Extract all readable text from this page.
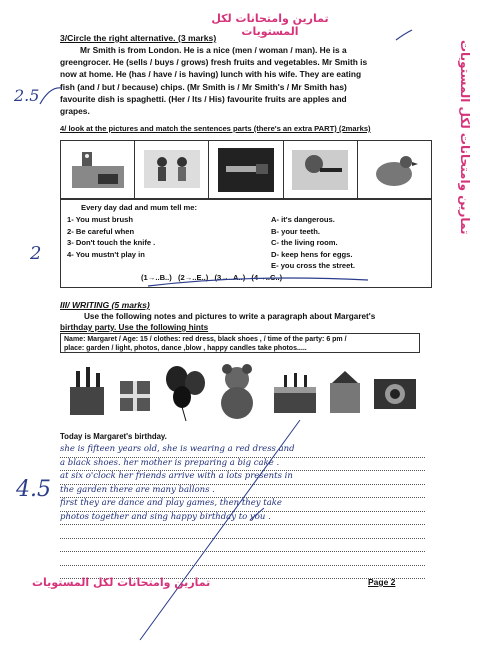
تمارين وامتحانات لكل المستويات
تمارين وامتحانات لكل المستويات
3/Circle the right alternative. (3 marks)

Mr Smith is from London. He is a nice (men / woman / man). He is a

greengrocer. He (sells / buys / grows) fresh fruits and vegetables. Mr Smith is

now at home. He (has / have / is having) lunch with his wife. They are eating

fish (and / but / because) chips. (Mr Smith is / Mr Smith's / Mr Smith has)

favourite dish is spaghetti. (Her / Its / His) favourite fruits are apples and

grapes.

4/ look at the pictures and match the sentences parts (there's an extra PART) (2marks)
Every day dad and mum tell me:
1- You must brush
2- Be careful when
3- Don't touch the knife .
4- You mustn't play in
A- it's dangerous.
B- your teeth.
C- the living room.
D- keep hens for eggs.
E- you cross the street.
(1→..B..) (2→..E..) (3→..A..) (4→..C..)
III/ WRITING (5 marks)

Use the following notes and pictures to write a paragraph about Margaret's

birthday party. Use the following hints

Name: Margaret / Age: 15 / clothes: red dress, black shoes , / time of the party: 6 pm /
place: garden / light, photos, dance ,blow , happy candles take photos.....
Today is Margaret's birthday.
she is fifteen years old, she is wearing a red dress and
a black shoes. her mother is preparing a big cake .
at six o'clock her friends arrive with a lots presents in
the garden there are many ballons .
first they are dance and play games, then they take
photos together and sing happy birthday to you .
2.5
2
4.5
تمارين وامتحانات لكل المستويات	Page 2
